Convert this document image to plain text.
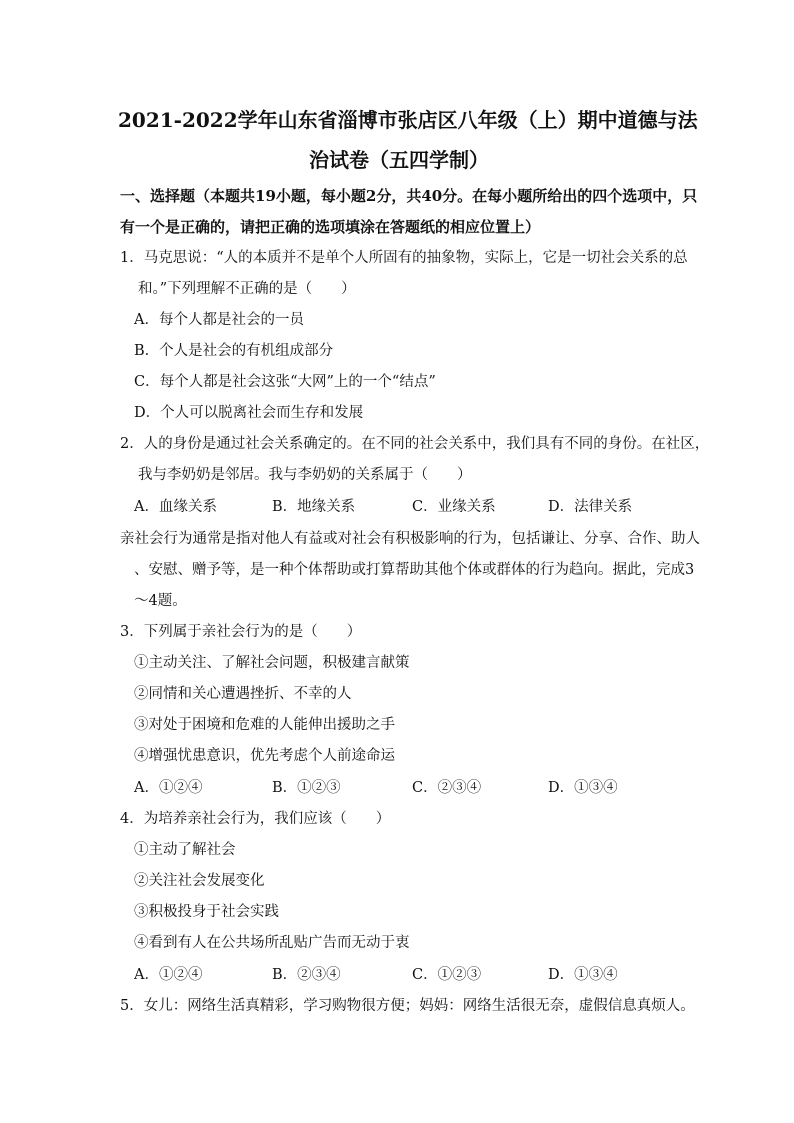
2021-2022学年山东省淄博市张店区八年级（上）期中道德与法
治试卷（五四学制）
一、选择题（本题共19小题，每小题2分，共40分。在每小题所给出的四个选项中，只
有一个是正确的，请把正确的选项填涂在答题纸的相应位置上）
1．马克思说：“人的本质并不是单个人所固有的抽象物，实际上，它是一切社会关系的总
和。”下列理解不正确的是（　　）
A．每个人都是社会的一员
B．个人是社会的有机组成部分
C．每个人都是社会这张“大网”上的一个“结点”
D．个人可以脱离社会而生存和发展
2．人的身份是通过社会关系确定的。在不同的社会关系中，我们具有不同的身份。在社区，
我与李奶奶是邻居。我与李奶奶的关系属于（　　）
A．血缘关系	B．地缘关系	C．业缘关系	D．法律关系
亲社会行为通常是指对他人有益或对社会有积极影响的行为，包括谦让、分享、合作、助人
、安慰、赠予等，是一种个体帮助或打算帮助其他个体或群体的行为趋向。据此，完成3
～4题。
3．下列属于亲社会行为的是（　　）
①主动关注、了解社会问题，积极建言献策
②同情和关心遭遇挫折、不幸的人
③对处于困境和危难的人能伸出援助之手
④增强忧患意识，优先考虑个人前途命运
A．①②④	B．①②③	C．②③④	D．①③④
4．为培养亲社会行为，我们应该（　　）
①主动了解社会
②关注社会发展变化
③积极投身于社会实践
④看到有人在公共场所乱贴广告而无动于衷
A．①②④	B．②③④	C．①②③	D．①③④
5．女儿：网络生活真精彩，学习购物很方便；妈妈：网络生活很无奈，虚假信息真烦人。
